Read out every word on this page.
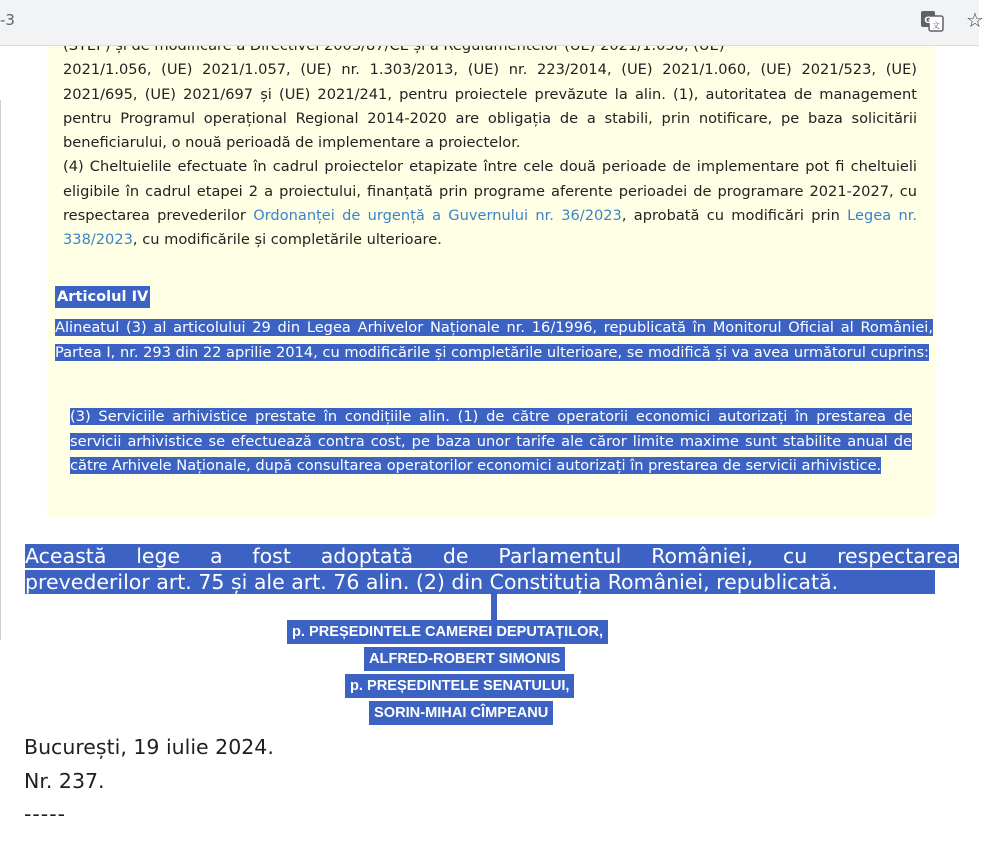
-3	G 文 ☆
2021/1.056, (UE) 2021/1.057, (UE) nr. 1.303/2013, (UE) nr. 223/2014, (UE) 2021/1.060, (UE) 2021/523, (UE) 2021/695, (UE) 2021/697 și (UE) 2021/241, pentru proiectele prevăzute la alin. (1), autoritatea de management pentru Programul operațional Regional 2014-2020 are obligația de a stabili, prin notificare, pe baza solicitării beneficiarului, o nouă perioadă de implementare a proiectelor.
(4) Cheltuielile efectuate în cadrul proiectelor etapizate între cele două perioade de implementare pot fi cheltuieli eligibile în cadrul etapei 2 a proiectului, finanțată prin programe aferente perioadei de programare 2021-2027, cu respectarea prevederilor Ordonanței de urgență a Guvernului nr. 36/2023, aprobată cu modificări prin Legea nr. 338/2023, cu modificările și completările ulterioare.
Articolul IV

Alineatul (3) al articolului 29 din Legea Arhivelor Naționale nr. 16/1996, republicată în Monitorul Oficial al României, Partea I, nr. 293 din 22 aprilie 2014, cu modificările și completările ulterioare, se modifică și va avea următorul cuprins:

(3) Serviciile arhivistice prestate în condițiile alin. (1) de către operatorii economici autorizați în prestarea de servicii arhivistice se efectuează contra cost, pe baza unor tarife ale căror limite maxime sunt stabilite anual de către Arhivele Naționale, după consultarea operatorilor economici autorizați în prestarea de servicii arhivistice.

Această lege a fost adoptată de Parlamentul României, cu respectarea

prevederilor art. 75 și ale art. 76 alin. (2) din Constituția României, republicată.

p. PREȘEDINTELE CAMEREI DEPUTAȚILOR,
ALFRED-ROBERT SIMONIS
p. PREȘEDINTELE SENATULUI,
SORIN-MIHAI CÎMPEANU

București, 19 iulie 2024.

Nr. 237.

-----
